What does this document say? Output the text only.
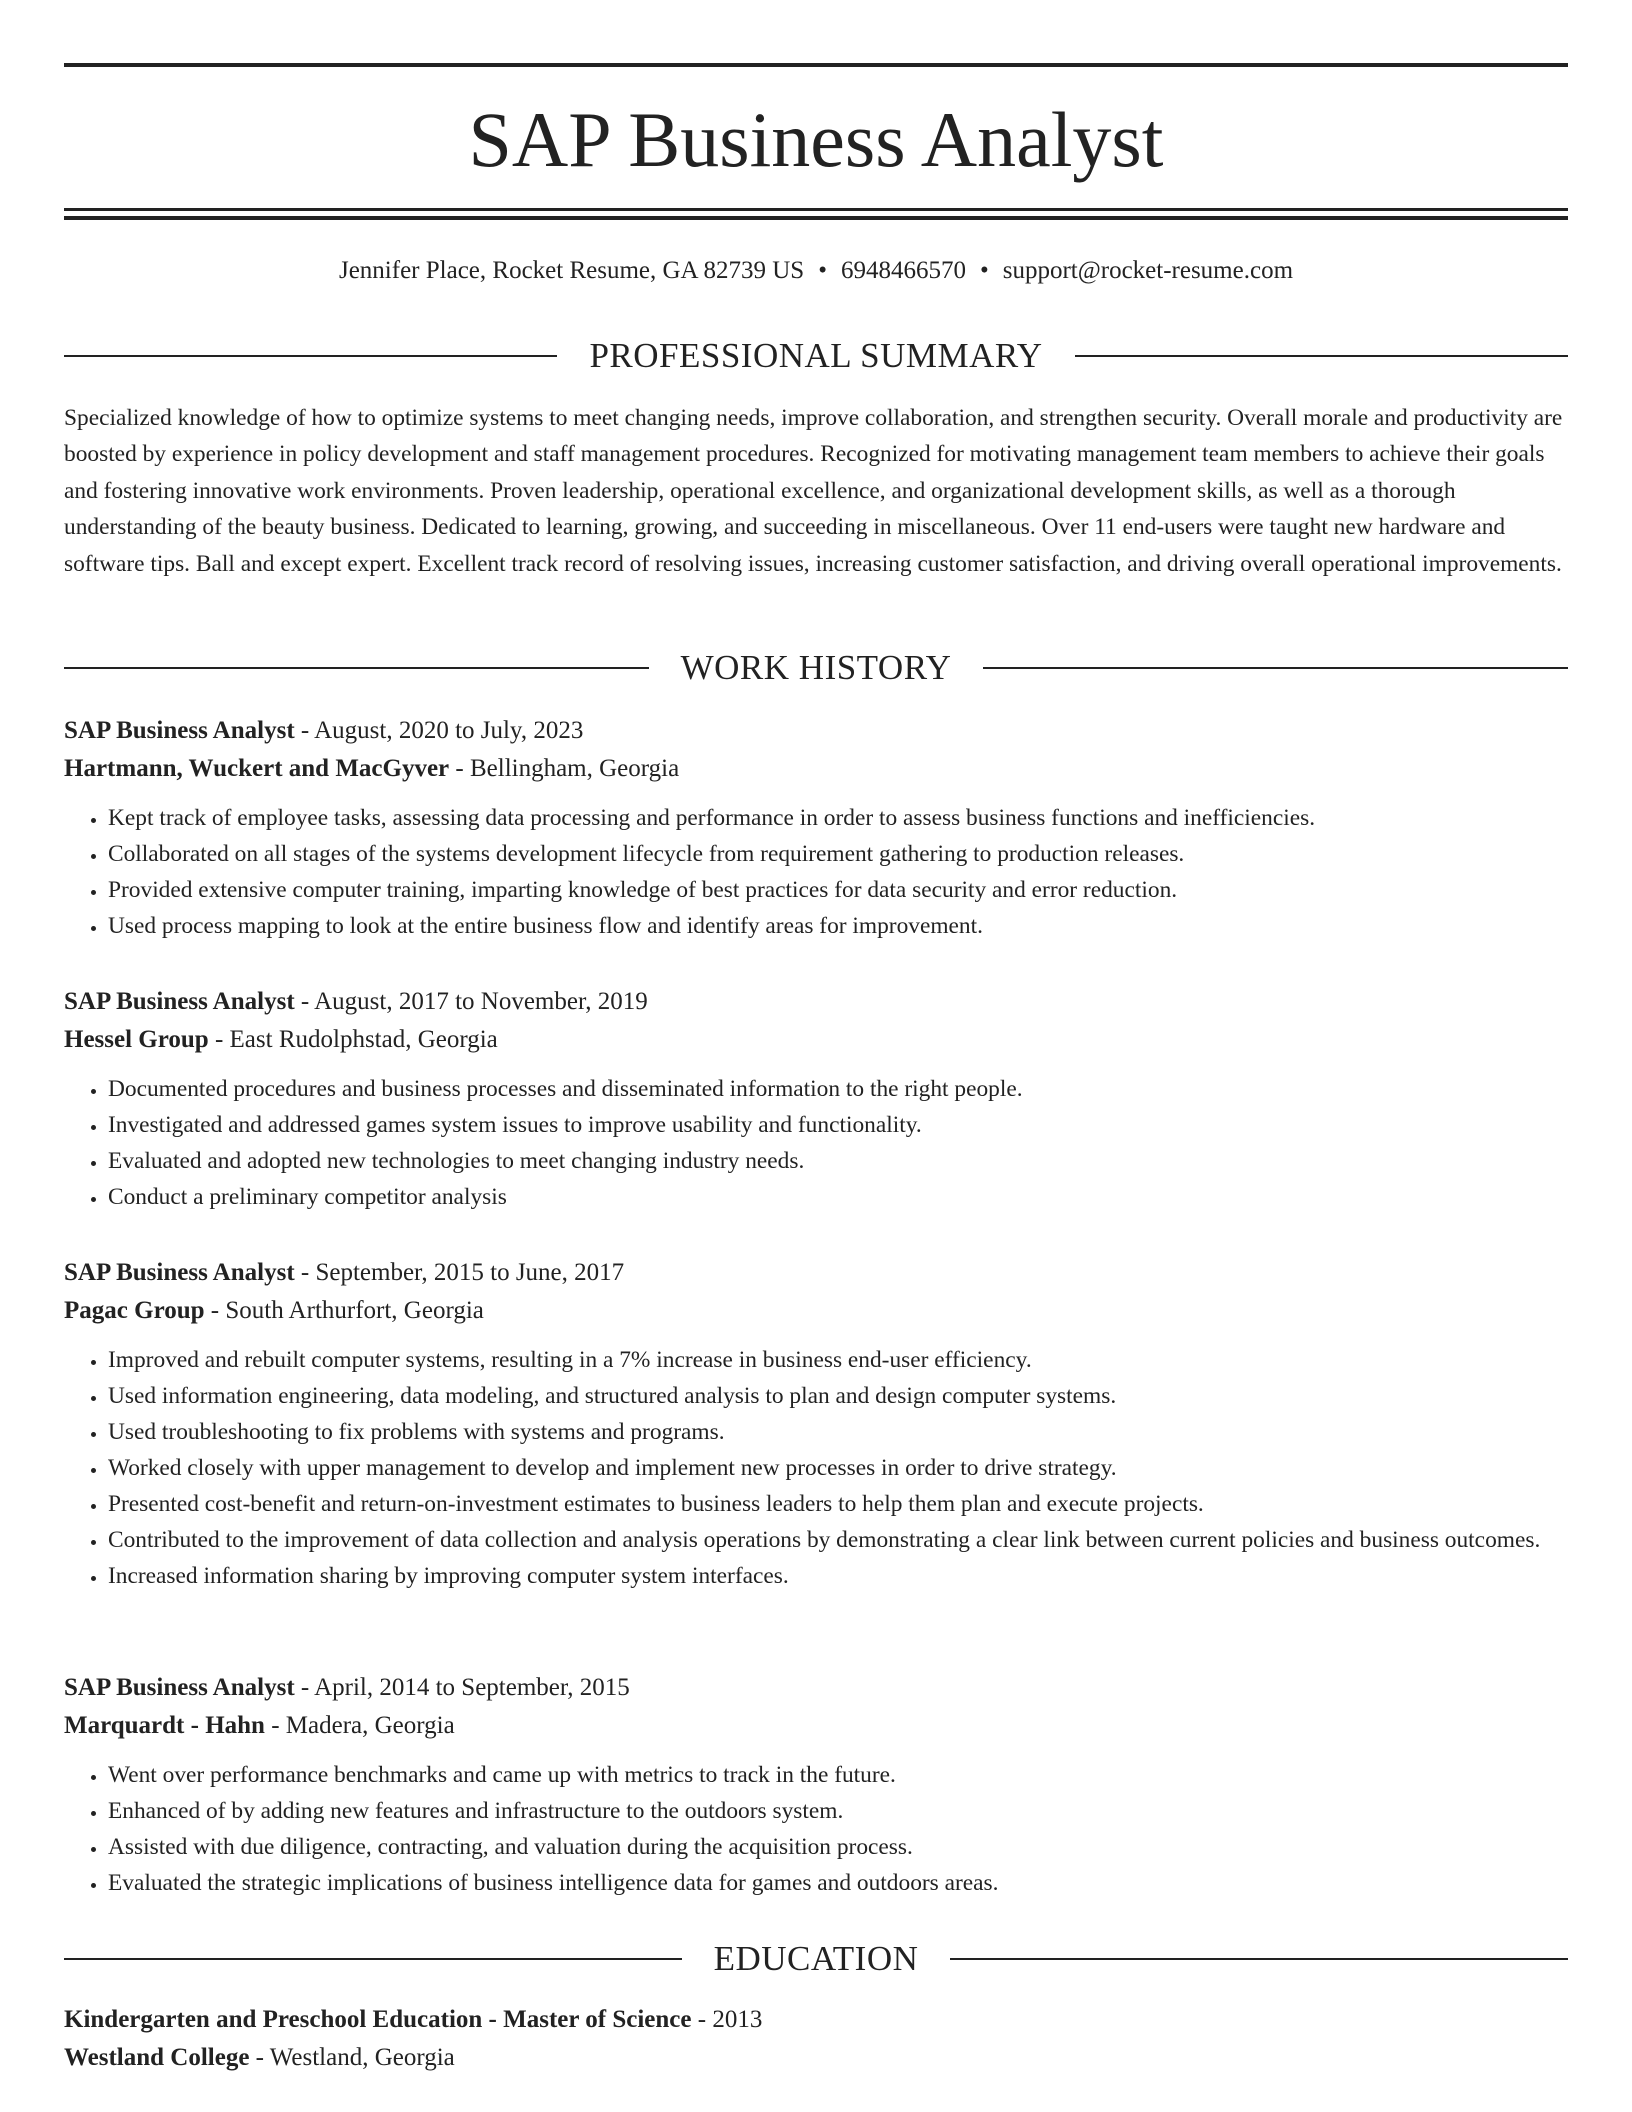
SAP Business Analyst
Jennifer Place, Rocket Resume, GA 82739 US • 6948466570 • support@rocket-resume.com
PROFESSIONAL SUMMARY

Specialized knowledge of how to optimize systems to meet changing needs, improve collaboration, and strengthen security. Overall morale and productivity are boosted by experience in policy development and staff management procedures. Recognized for motivating management team members to achieve their goals and fostering innovative work environments. Proven leadership, operational excellence, and organizational development skills, as well as a thorough understanding of the beauty business. Dedicated to learning, growing, and succeeding in miscellaneous. Over 11 end-users were taught new hardware and software tips. Ball and except expert. Excellent track record of resolving issues, increasing customer satisfaction, and driving overall operational improvements.

WORK HISTORY
SAP Business Analyst - August, 2020 to July, 2023
Hartmann, Wuckert and MacGyver - Bellingham, Georgia
• Kept track of employee tasks, assessing data processing and performance in order to assess business functions and inefficiencies.
• Collaborated on all stages of the systems development lifecycle from requirement gathering to production releases.
• Provided extensive computer training, imparting knowledge of best practices for data security and error reduction.
• Used process mapping to look at the entire business flow and identify areas for improvement.
SAP Business Analyst - August, 2017 to November, 2019
Hessel Group - East Rudolphstad, Georgia
• Documented procedures and business processes and disseminated information to the right people.
• Investigated and addressed games system issues to improve usability and functionality.
• Evaluated and adopted new technologies to meet changing industry needs.
• Conduct a preliminary competitor analysis
SAP Business Analyst - September, 2015 to June, 2017
Pagac Group - South Arthurfort, Georgia
• Improved and rebuilt computer systems, resulting in a 7% increase in business end-user efficiency.
• Used information engineering, data modeling, and structured analysis to plan and design computer systems.
• Used troubleshooting to fix problems with systems and programs.
• Worked closely with upper management to develop and implement new processes in order to drive strategy.
• Presented cost-benefit and return-on-investment estimates to business leaders to help them plan and execute projects.
• Contributed to the improvement of data collection and analysis operations by demonstrating a clear link between current policies and business outcomes.
• Increased information sharing by improving computer system interfaces.
SAP Business Analyst - April, 2014 to September, 2015
Marquardt - Hahn - Madera, Georgia
• Went over performance benchmarks and came up with metrics to track in the future.
• Enhanced of by adding new features and infrastructure to the outdoors system.
• Assisted with due diligence, contracting, and valuation during the acquisition process.
• Evaluated the strategic implications of business intelligence data for games and outdoors areas.
EDUCATION
Kindergarten and Preschool Education - Master of Science - 2013
Westland College - Westland, Georgia
